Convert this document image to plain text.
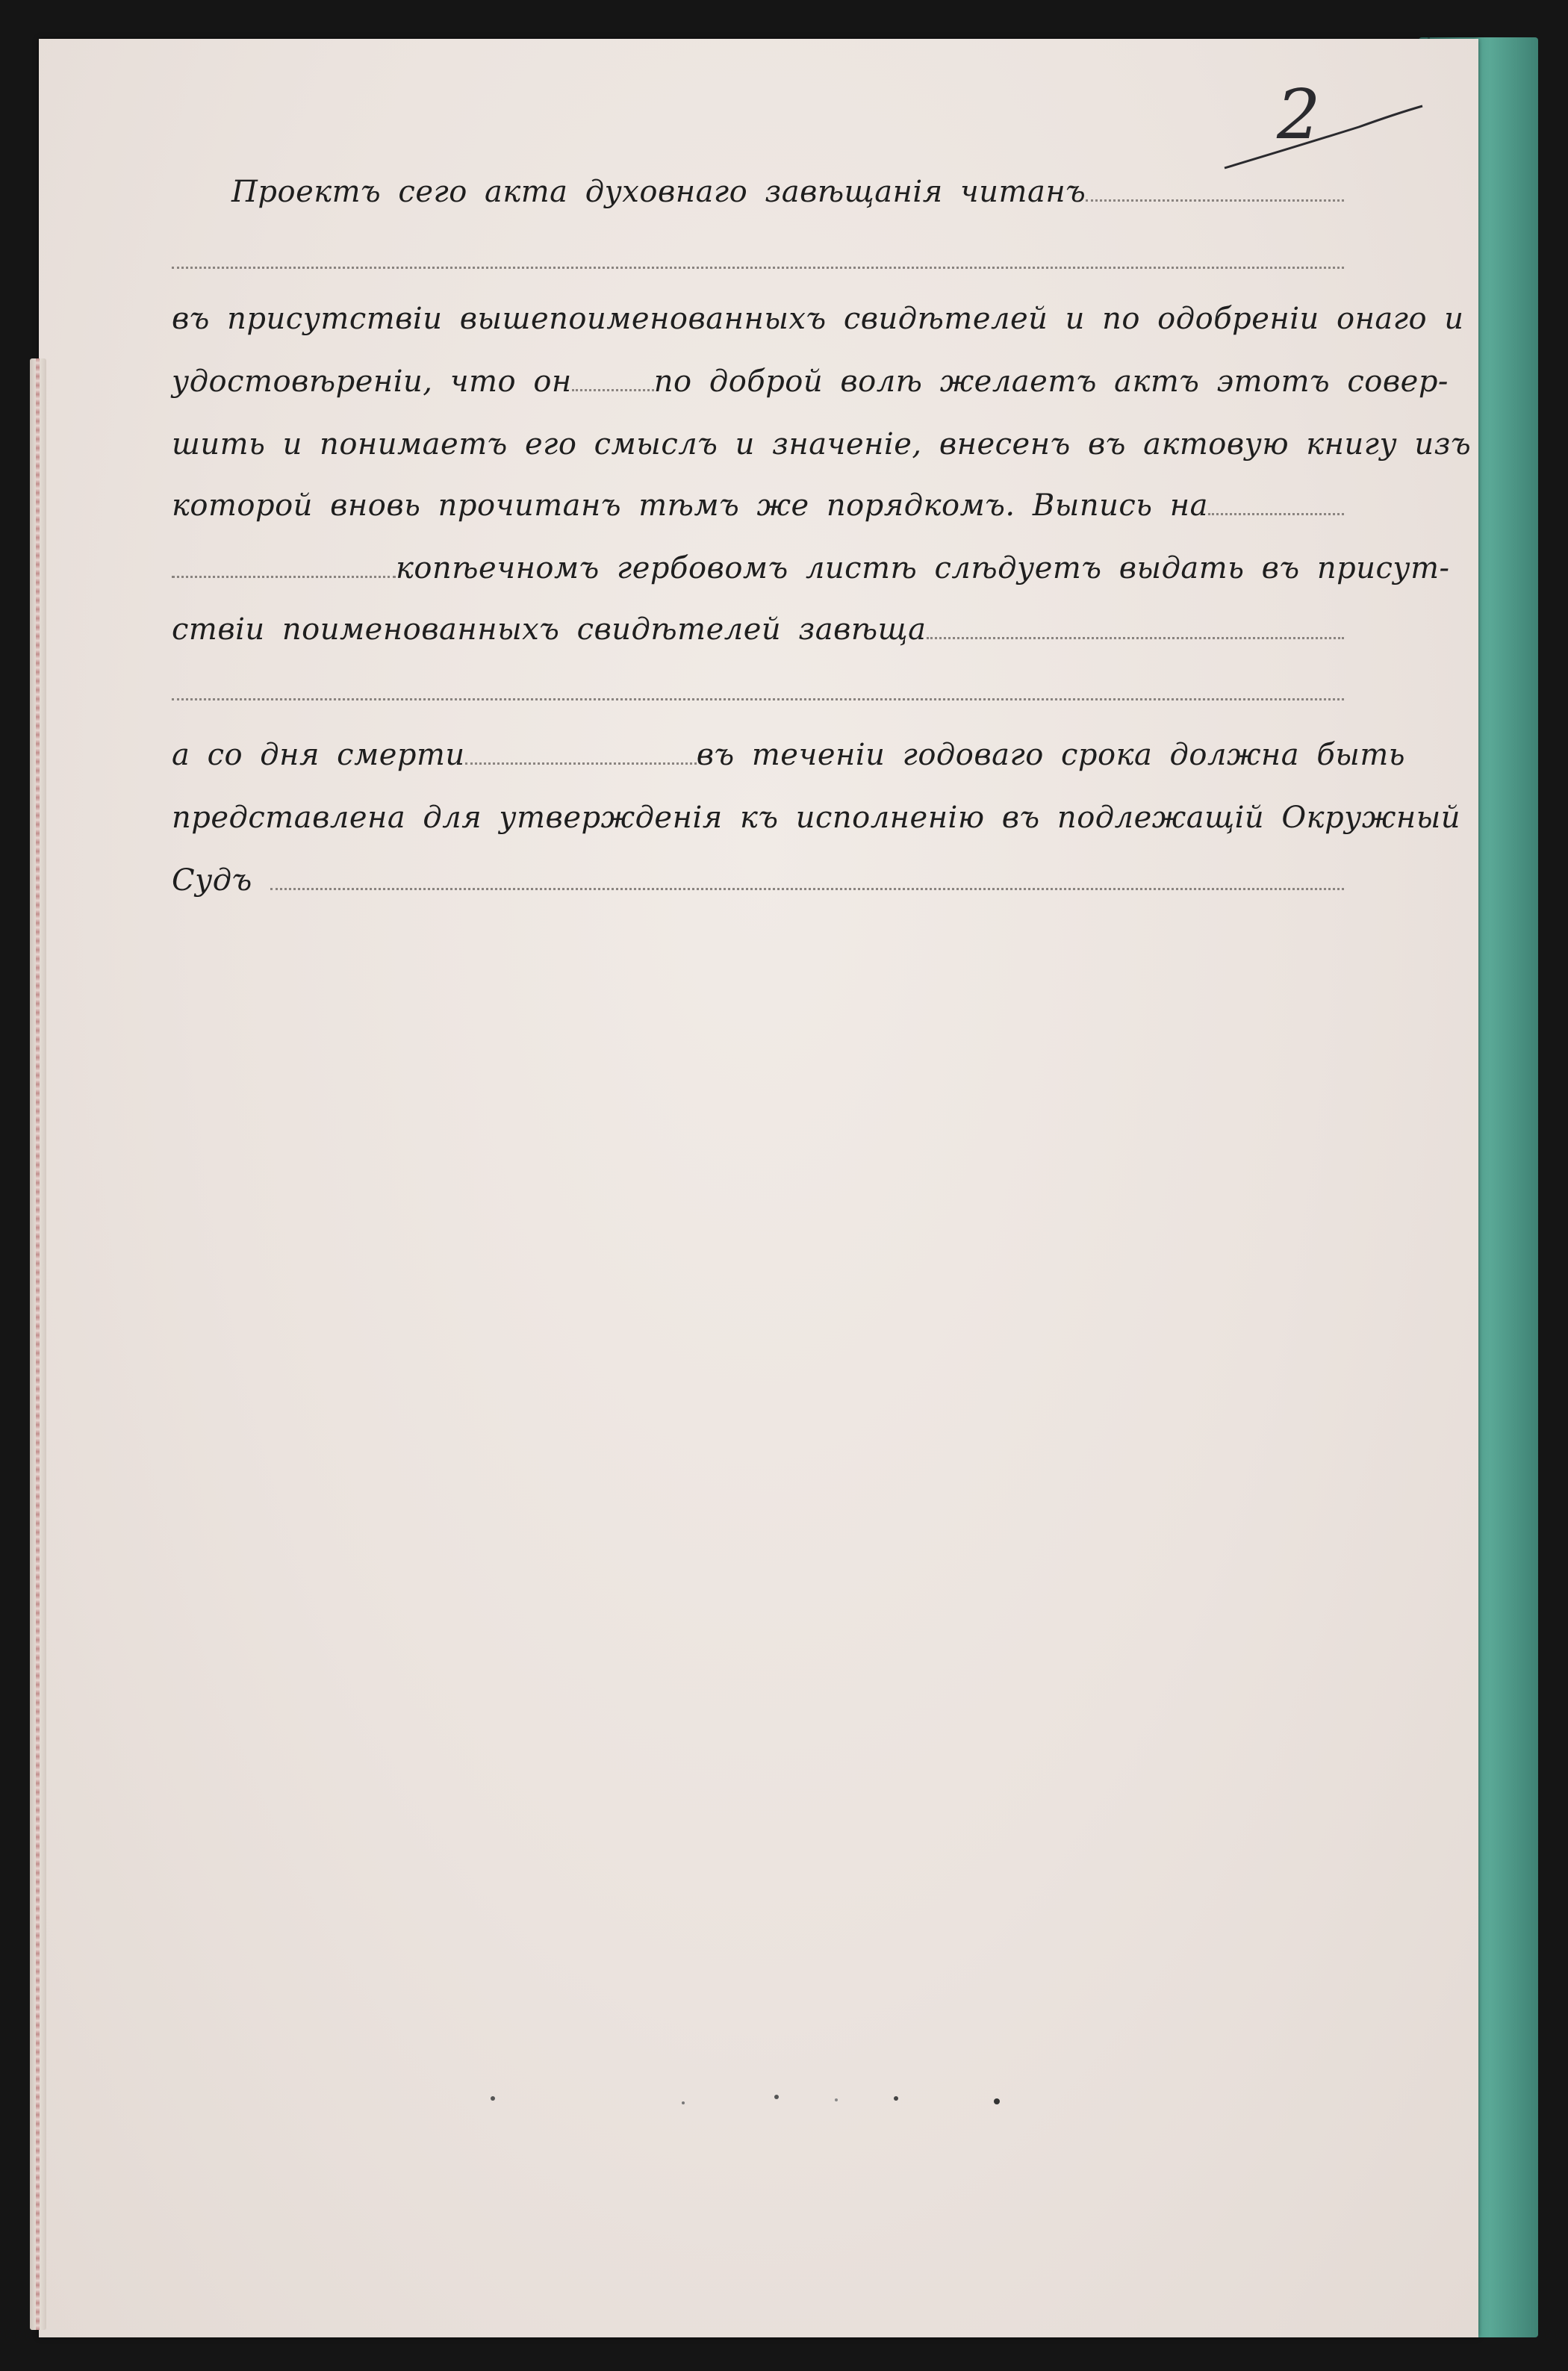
2
Проектъ сего акта духовнаго завѣщанія читанъ
въ присутствіи вышепоименованныхъ свидѣтелей и по одобреніи онаго и
удостовѣреніи, что он	по доброй волѣ желаетъ актъ этотъ совер-
шить и понимаетъ его смыслъ и значеніе, внесенъ въ актовую книгу изъ
которой вновь прочитанъ тѣмъ же порядкомъ. Выпись на
копѣечномъ гербовомъ листѣ слѣдуетъ выдать въ присут-
ствіи поименованныхъ свидѣтелей завѣща
а со дня смерти	въ теченіи годоваго срока должна быть
представлена для утвержденія къ исполненію въ подлежащій Окружный
Судъ
